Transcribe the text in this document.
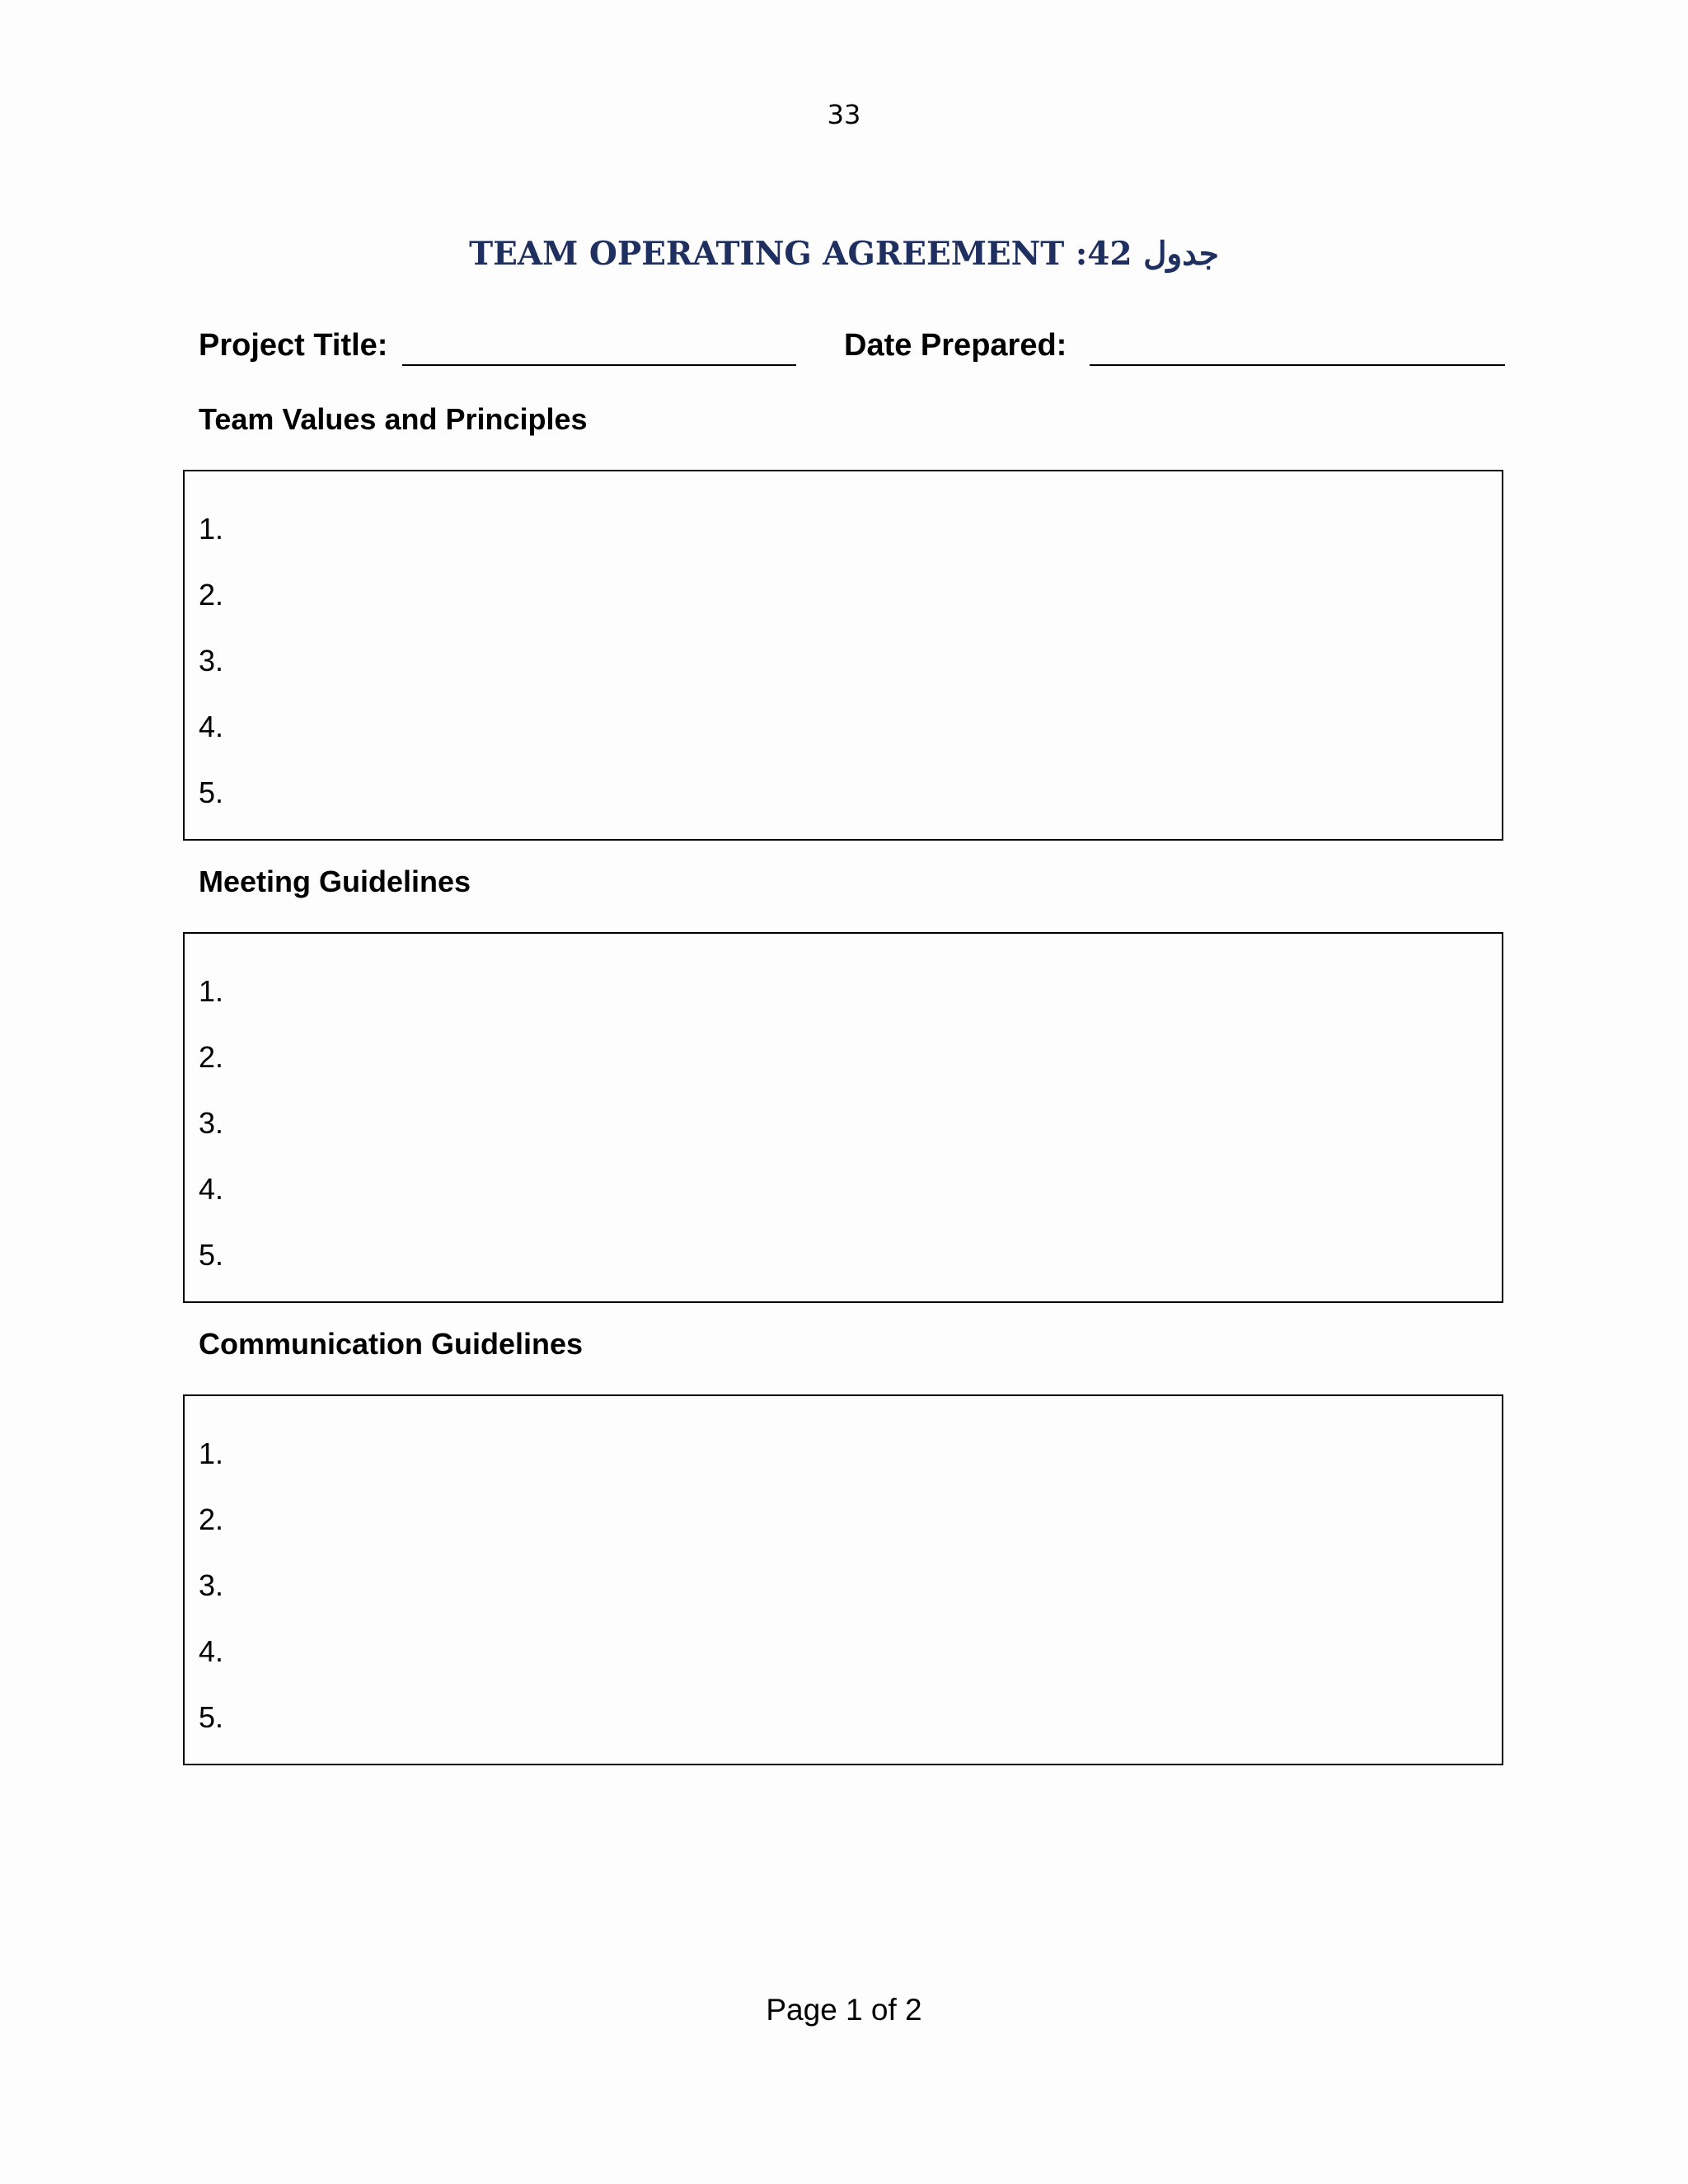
33
TEAM OPERATING AGREEMENT :42 جدول
Project Title:	Date Prepared:
Team Values and Principles
1.
2.
3.
4.
5.
Meeting Guidelines
1.
2.
3.
4.
5.
Communication Guidelines
1.
2.
3.
4.
5.
Page 1 of 2
